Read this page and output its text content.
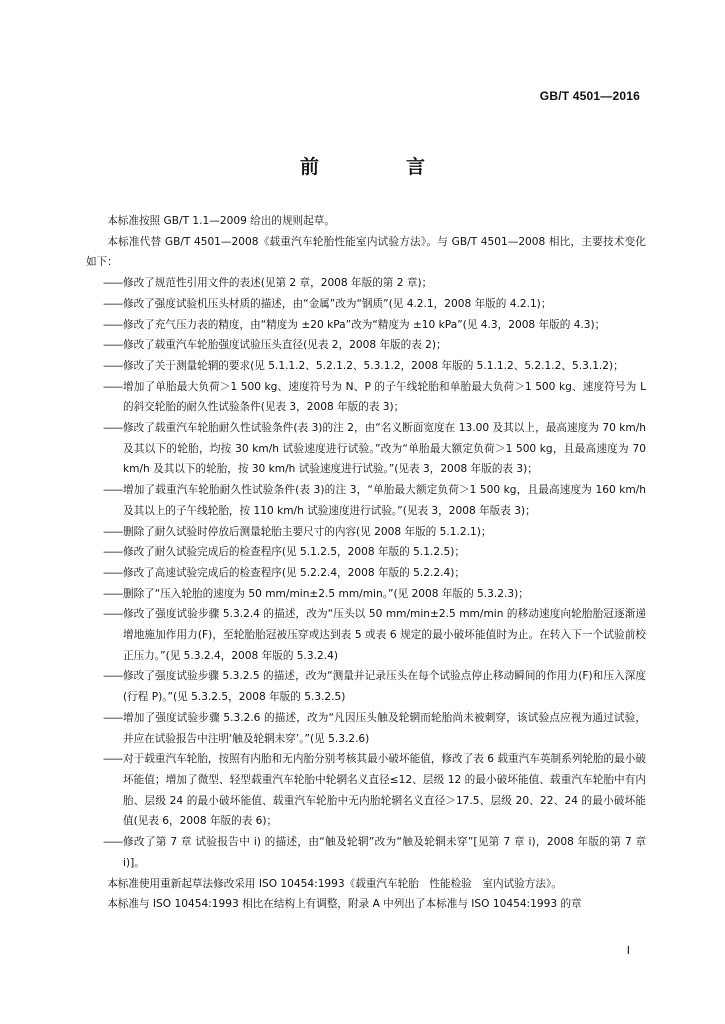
GB/T 4501—2016
前　言
本标准按照 GB/T 1.1—2009 给出的规则起草。
本标准代替 GB/T 4501—2008《载重汽车轮胎性能室内试验方法》。与 GB/T 4501—2008 相比，主要技术变化如下：
—— 修改了规范性引用文件的表述(见第 2 章，2008 年版的第 2 章)；
—— 修改了强度试验机压头材质的描述，由“金属”改为“钢质”(见 4.2.1，2008 年版的 4.2.1)；
—— 修改了充气压力表的精度，由“精度为 ±20 kPa”改为“精度为 ±10 kPa”(见 4.3，2008 年版的 4.3)；
—— 修改了载重汽车轮胎强度试验压头直径(见表 2，2008 年版的表 2)；
—— 修改了关于测量轮辋的要求(见 5.1.1.2、5.2.1.2、5.3.1.2，2008 年版的 5.1.1.2、5.2.1.2、5.3.1.2)；
—— 增加了单胎最大负荷＞1 500 kg、速度符号为 N、P 的子午线轮胎和单胎最大负荷＞1 500 kg、速度符号为 L 的斜交轮胎的耐久性试验条件(见表 3，2008 年版的表 3)；
—— 修改了载重汽车轮胎耐久性试验条件(表 3)的注 2，由“名义断面宽度在 13.00 及其以上，最高速度为 70 km/h 及其以下的轮胎，均按 30 km/h 试验速度进行试验。”改为“单胎最大额定负荷＞1 500 kg，且最高速度为 70 km/h 及其以下的轮胎，按 30 km/h 试验速度进行试验。”(见表 3，2008 年版的表 3)；
—— 增加了载重汽车轮胎耐久性试验条件(表 3)的注 3，“单胎最大额定负荷＞1 500 kg，且最高速度为 160 km/h 及其以上的子午线轮胎，按 110 km/h 试验速度进行试验。”(见表 3，2008 年版表 3)；
—— 删除了耐久试验时停放后测量轮胎主要尺寸的内容(见 2008 年版的 5.1.2.1)；
—— 修改了耐久试验完成后的检查程序(见 5.1.2.5，2008 年版的 5.1.2.5)；
—— 修改了高速试验完成后的检查程序(见 5.2.2.4，2008 年版的 5.2.2.4)；
—— 删除了“压入轮胎的速度为 50 mm/min±2.5 mm/min。”(见 2008 年版的 5.3.2.3)；
—— 修改了强度试验步骤 5.3.2.4 的描述，改为“压头以 50 mm/min±2.5 mm/min 的移动速度向轮胎胎冠逐渐递增地施加作用力(F)，至轮胎胎冠被压穿或达到表 5 或表 6 规定的最小破坏能值时为止。在转入下一个试验前校正压力。”(见 5.3.2.4，2008 年版的 5.3.2.4)
—— 修改了强度试验步骤 5.3.2.5 的描述，改为“测量并记录压头在每个试验点停止移动瞬间的作用力(F)和压入深度(行程 P)。”(见 5.3.2.5，2008 年版的 5.3.2.5)
—— 增加了强度试验步骤 5.3.2.6 的描述，改为“凡因压头触及轮辋而轮胎尚未被刺穿，该试验点应视为通过试验，并应在试验报告中注明‘触及轮辋未穿’。”(见 5.3.2.6)
—— 对于载重汽车轮胎，按照有内胎和无内胎分别考核其最小破坏能值，修改了表 6 载重汽车英制系列轮胎的最小破坏能值；增加了微型、轻型载重汽车轮胎中轮辋名义直径≤12、层级 12 的最小破坏能值、载重汽车轮胎中有内胎、层级 24 的最小破坏能值、载重汽车轮胎中无内胎轮辋名义直径＞17.5、层级 20、22、24 的最小破坏能值(见表 6，2008 年版的表 6)；
—— 修改了第 7 章 试验报告中 i) 的描述，由“触及轮辋”改为“触及轮辋未穿”[见第 7 章 i)，2008 年版的第 7 章 i)]。
本标准使用重新起草法修改采用 ISO 10454:1993《载重汽车轮胎　性能检验　室内试验方法》。
本标准与 ISO 10454:1993 相比在结构上有调整，附录 A 中列出了本标准与 ISO 10454:1993 的章
I
